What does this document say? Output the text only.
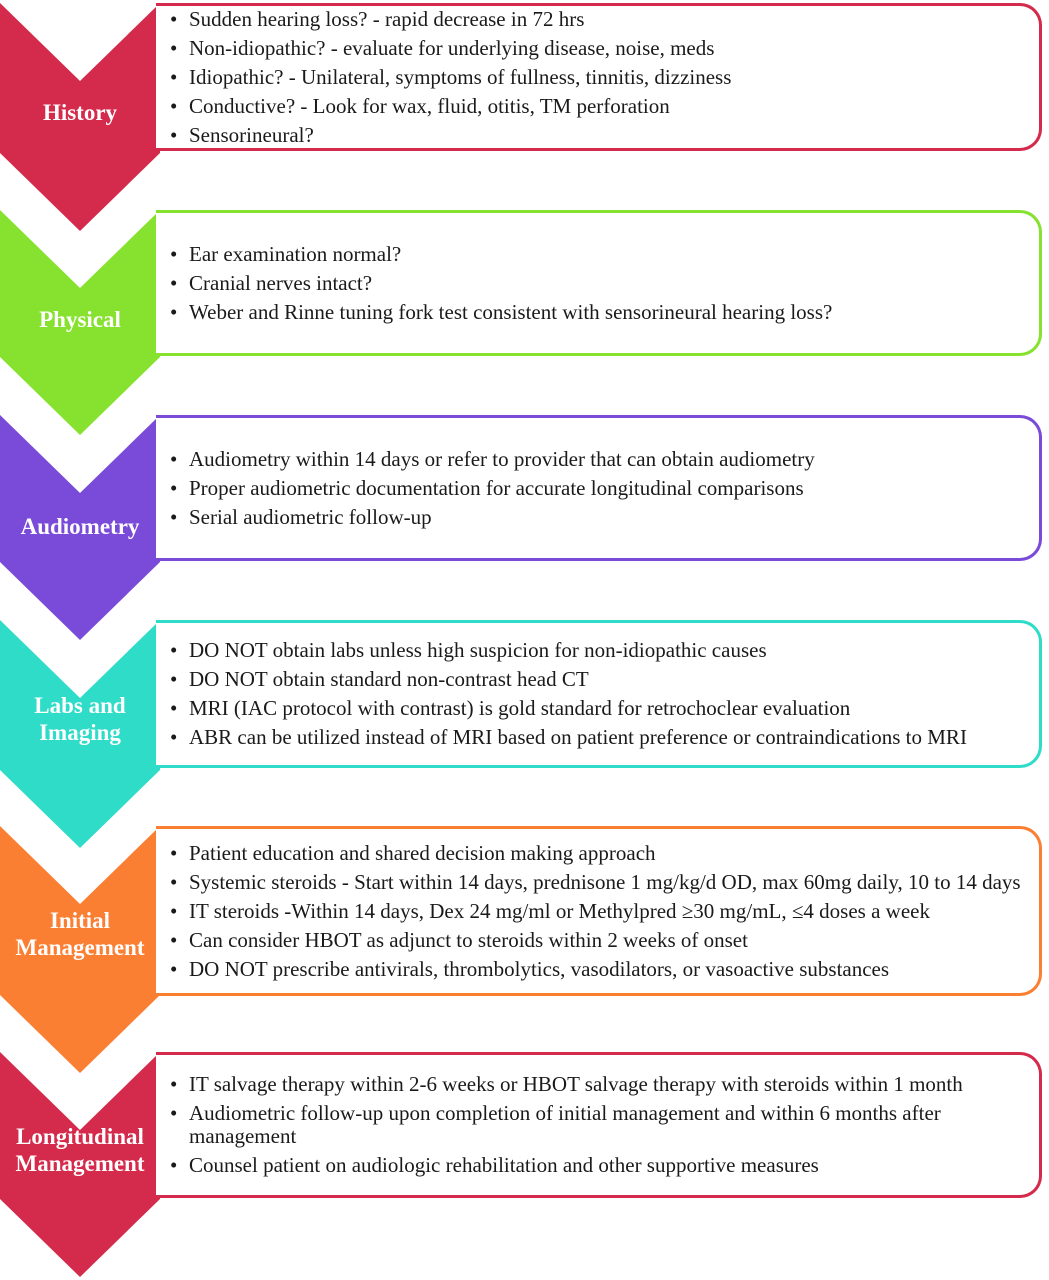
History
• Sudden hearing loss? - rapid decrease in 72 hrs
• Non-idiopathic? - evaluate for underlying disease, noise, meds
• Idiopathic? - Unilateral, symptoms of fullness, tinnitis, dizziness
• Conductive? - Look for wax, fluid, otitis, TM perforation
• Sensorineural?
Physical
• Ear examination normal?
• Cranial nerves intact?
• Weber and Rinne tuning fork test consistent with sensorineural hearing loss?
Audiometry
• Audiometry within 14 days or refer to provider that can obtain audiometry
• Proper audiometric documentation for accurate longitudinal comparisons
• Serial audiometric follow-up
Labs and
Imaging
• DO NOT obtain labs unless high suspicion for non-idiopathic causes
• DO NOT obtain standard non-contrast head CT
• MRI (IAC protocol with contrast) is gold standard for retrochoclear evaluation
• ABR can be utilized instead of MRI based on patient preference or contraindications to MRI
Initial
Management
• Patient education and shared decision making approach
• Systemic steroids - Start within 14 days, prednisone 1 mg/kg/d OD, max 60mg daily, 10 to 14 days
• IT steroids -Within 14 days, Dex 24 mg/ml or Methylpred ≥30 mg/mL, ≤4 doses a week
• Can consider HBOT as adjunct to steroids within 2 weeks of onset
• DO NOT prescribe antivirals, thrombolytics, vasodilators, or vasoactive substances
Longitudinal
Management
• IT salvage therapy within 2-6 weeks or HBOT salvage therapy with steroids within 1 month
• Audiometric follow-up upon completion of initial management and within 6 months after management
• Counsel patient on audiologic rehabilitation and other supportive measures
